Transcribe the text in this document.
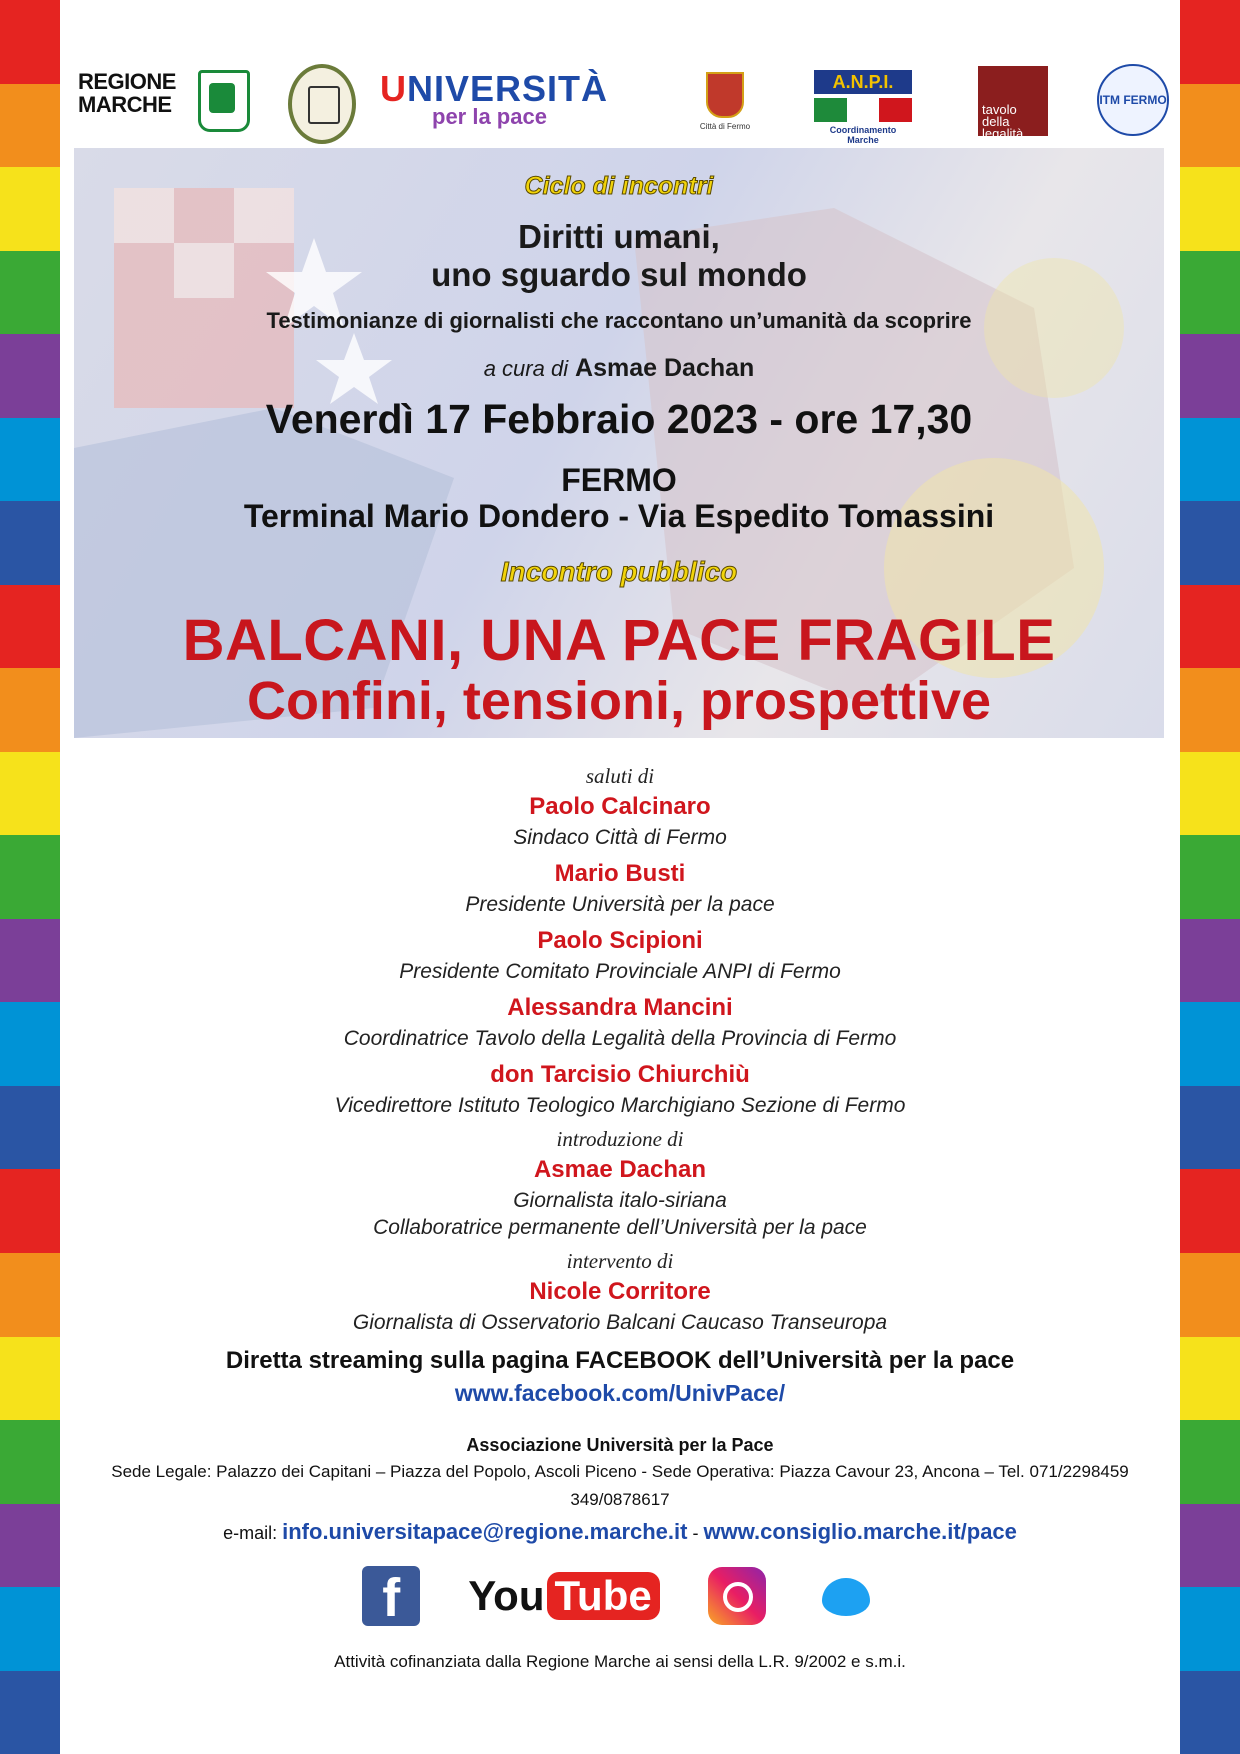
REGIONE
MARCHE	UNIVERSITÀ
per la pace	Città di Fermo
A.N.P.I.
Coordinamento Marche
tavolo della legalità
ITM FERMO
Ciclo di incontri
Diritti umani,
uno sguardo sul mondo
Testimonianze di giornalisti che raccontano un’umanità da scoprire
a cura di Asmae Dachan
Venerdì 17 Febbraio 2023 - ore 17,30
FERMO
Terminal Mario Dondero - Via Espedito Tomassini
Incontro pubblico
BALCANI, UNA PACE FRAGILE
Confini, tensioni, prospettive
saluti di
Paolo Calcinaro
Sindaco Città di Fermo
Mario Busti
Presidente Università per la pace
Paolo Scipioni
Presidente Comitato Provinciale ANPI di Fermo
Alessandra Mancini
Coordinatrice Tavolo della Legalità della Provincia di Fermo
don Tarcisio Chiurchiù
Vicedirettore Istituto Teologico Marchigiano Sezione di Fermo
introduzione di
Asmae Dachan
Giornalista italo-siriana
Collaboratrice permanente dell’Università per la pace
intervento di
Nicole Corritore
Giornalista di Osservatorio Balcani Caucaso Transeuropa
Diretta streaming sulla pagina FACEBOOK dell’Università per la pace
www.facebook.com/UnivPace/
Associazione Università per la Pace
Sede Legale: Palazzo dei Capitani – Piazza del Popolo, Ascoli Piceno - Sede Operativa: Piazza Cavour 23, Ancona – Tel. 071/2298459 349/0878617
e-mail: info.universitapace@regione.marche.it - www.consiglio.marche.it/pace
f	You Tube
Attività cofinanziata dalla Regione Marche ai sensi della L.R. 9/2002 e s.m.i.
